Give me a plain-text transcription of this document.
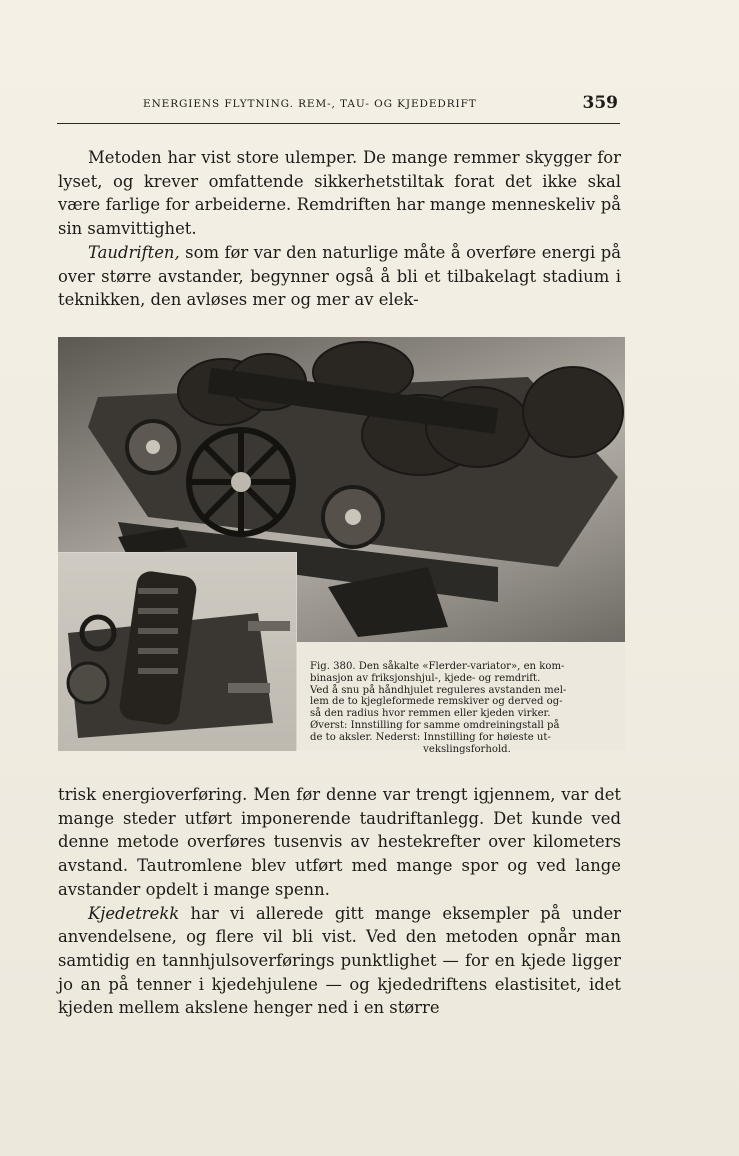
ENERGIENS FLYTNING. REM-, TAU- OG KJEDEDRIFT	359

Metoden har vist store ulemper. De mange remmer skygger for lyset, og krever omfattende sikkerhetstiltak forat det ikke skal være farlige for arbeiderne. Remdriften har mange menneskeliv på sin samvittighet.

Taudriften, som før var den naturlige måte å overføre energi på over større avstander, begynner også å bli et tilbakelagt stadium i teknikken, den avløses mer og mer av elek-

Fig. 380. Den såkalte «Flerder-variator», en kom-
binasjon av friksjonshjul-, kjede- og remdrift.
Ved å snu på håndhjulet reguleres avstanden mel-
lem de to kjegleformede remskiver og derved og-
så den radius hvor remmen eller kjeden virker.
Øverst: Innstilling for samme omdreiningstall på
de to aksler. Nederst: Innstilling for høieste ut-
vekslingsforhold.

trisk energioverføring. Men før denne var trengt igjennem, var det mange steder utført imponerende taudriftanlegg. Det kunde ved denne metode overføres tusenvis av hestekrefter over kilometers avstand. Tautromlene blev utført med mange spor og ved lange avstander opdelt i mange spenn.

Kjedetrekk har vi allerede gitt mange eksempler på under anvendelsene, og flere vil bli vist. Ved den metoden opnår man samtidig en tannhjulsoverførings punktlighet — for en kjede ligger jo an på tenner i kjedehjulene — og kjededriftens elastisitet, idet kjeden mellem akslene henger ned i en større
